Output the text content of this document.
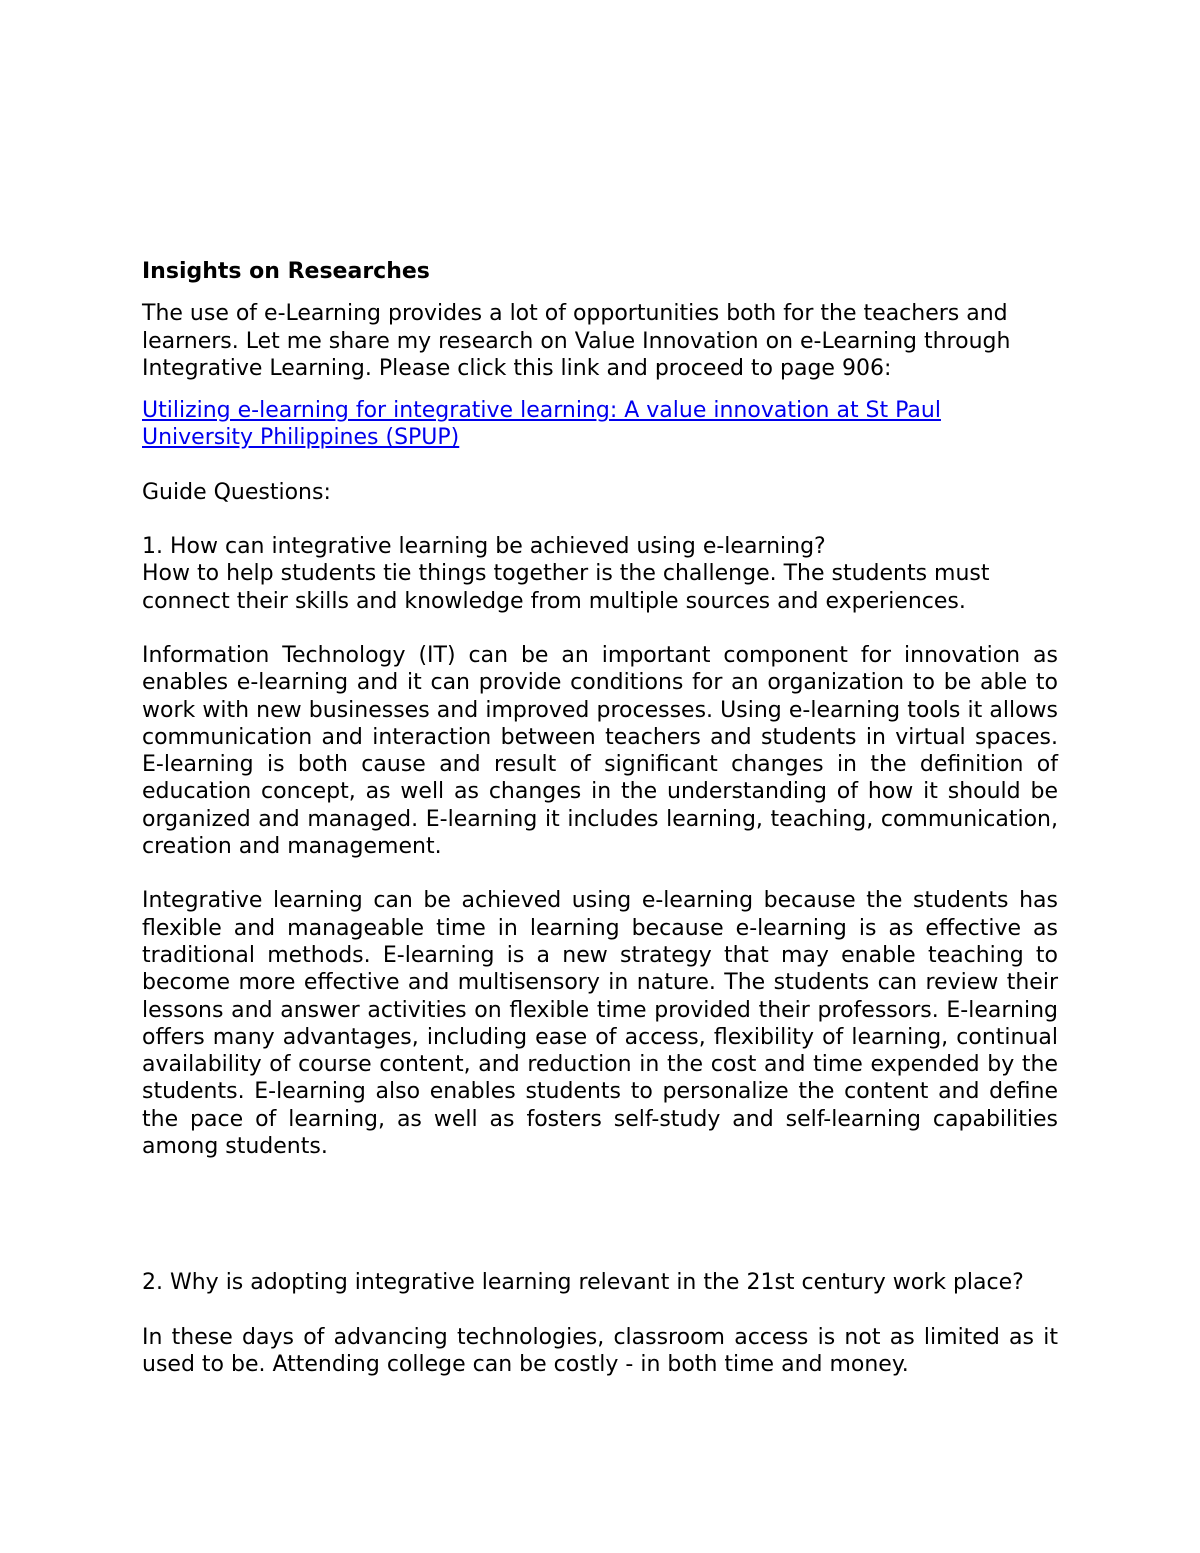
Insights on Researches

The use of e-Learning provides a lot of opportunities both for the teachers and learners. Let me share my research on Value Innovation on e-Learning through Integrative Learning. Please click this link and proceed to page 906:

Utilizing e-learning for integrative learning: A value innovation at St Paul University Philippines (SPUP)

Guide Questions:

1. How can integrative learning be achieved using e-learning?

How to help students tie things together is the challenge. The students must connect their skills and knowledge from multiple sources and experiences.

Information Technology (IT) can be an important component for innovation as enables e-learning and it can provide conditions for an organization to be able to work with new businesses and improved processes. Using e-learning tools it allows communication and interaction between teachers and students in virtual spaces. E-learning is both cause and result of significant changes in the definition of education concept, as well as changes in the understanding of how it should be organized and managed. E-learning it includes learning, teaching, communication, creation and management.

Integrative learning can be achieved using e-learning because the students has flexible and manageable time in learning because e-learning is as effective as traditional methods. E-learning is a new strategy that may enable teaching to become more effective and multisensory in nature. The students can review their lessons and answer activities on flexible time provided their professors. E-learning offers many advantages, including ease of access, flexibility of learning, continual availability of course content, and reduction in the cost and time expended by the students. E-learning also enables students to personalize the content and define the pace of learning, as well as fosters self-study and self-learning capabilities among students.

2. Why is adopting integrative learning relevant in the 21st century work place?

In these days of advancing technologies, classroom access is not as limited as it used to be. Attending college can be costly - in both time and money.
